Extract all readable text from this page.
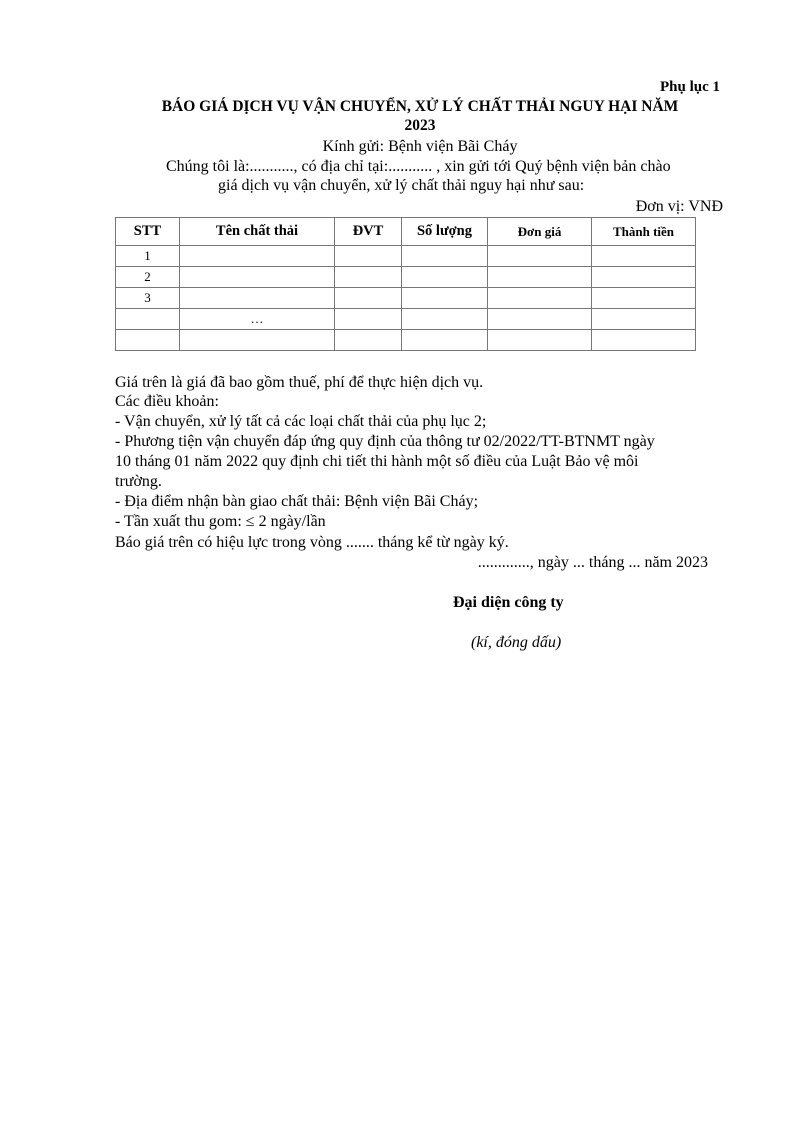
Phụ lục 1
BÁO GIÁ DỊCH VỤ VẬN CHUYỂN, XỬ LÝ CHẤT THẢI NGUY HẠI NĂM
2023
Kính gửi: Bệnh viện Bãi Cháy
Chúng tôi là:..........., có địa chỉ tại:........... , xin gửi tới Quý bệnh viện bản chào
giá dịch vụ vận chuyển, xử lý chất thải nguy hại như sau:
Đơn vị: VNĐ
STT	Tên chất thải	ĐVT	Số lượng	Đơn giá	Thành tiền
1					
2					
3					
	…				

Giá trên là giá đã bao gồm thuế, phí để thực hiện dịch vụ.
Các điều khoản:
- Vận chuyển, xử lý tất cả các loại chất thải của phụ lục 2;
- Phương tiện vận chuyển đáp ứng quy định của thông tư 02/2022/TT-BTNMT ngày
10 tháng 01 năm 2022 quy định chi tiết thi hành một số điều của Luật Bảo vệ môi
trường.
- Địa điểm nhận bàn giao chất thải: Bệnh viện Bãi Cháy;
- Tần xuất thu gom: ≤ 2 ngày/lần
Báo giá trên có hiệu lực trong vòng ....... tháng kể từ ngày ký.
............., ngày ... tháng ... năm 2023
Đại diện công ty
(kí, đóng dấu)
